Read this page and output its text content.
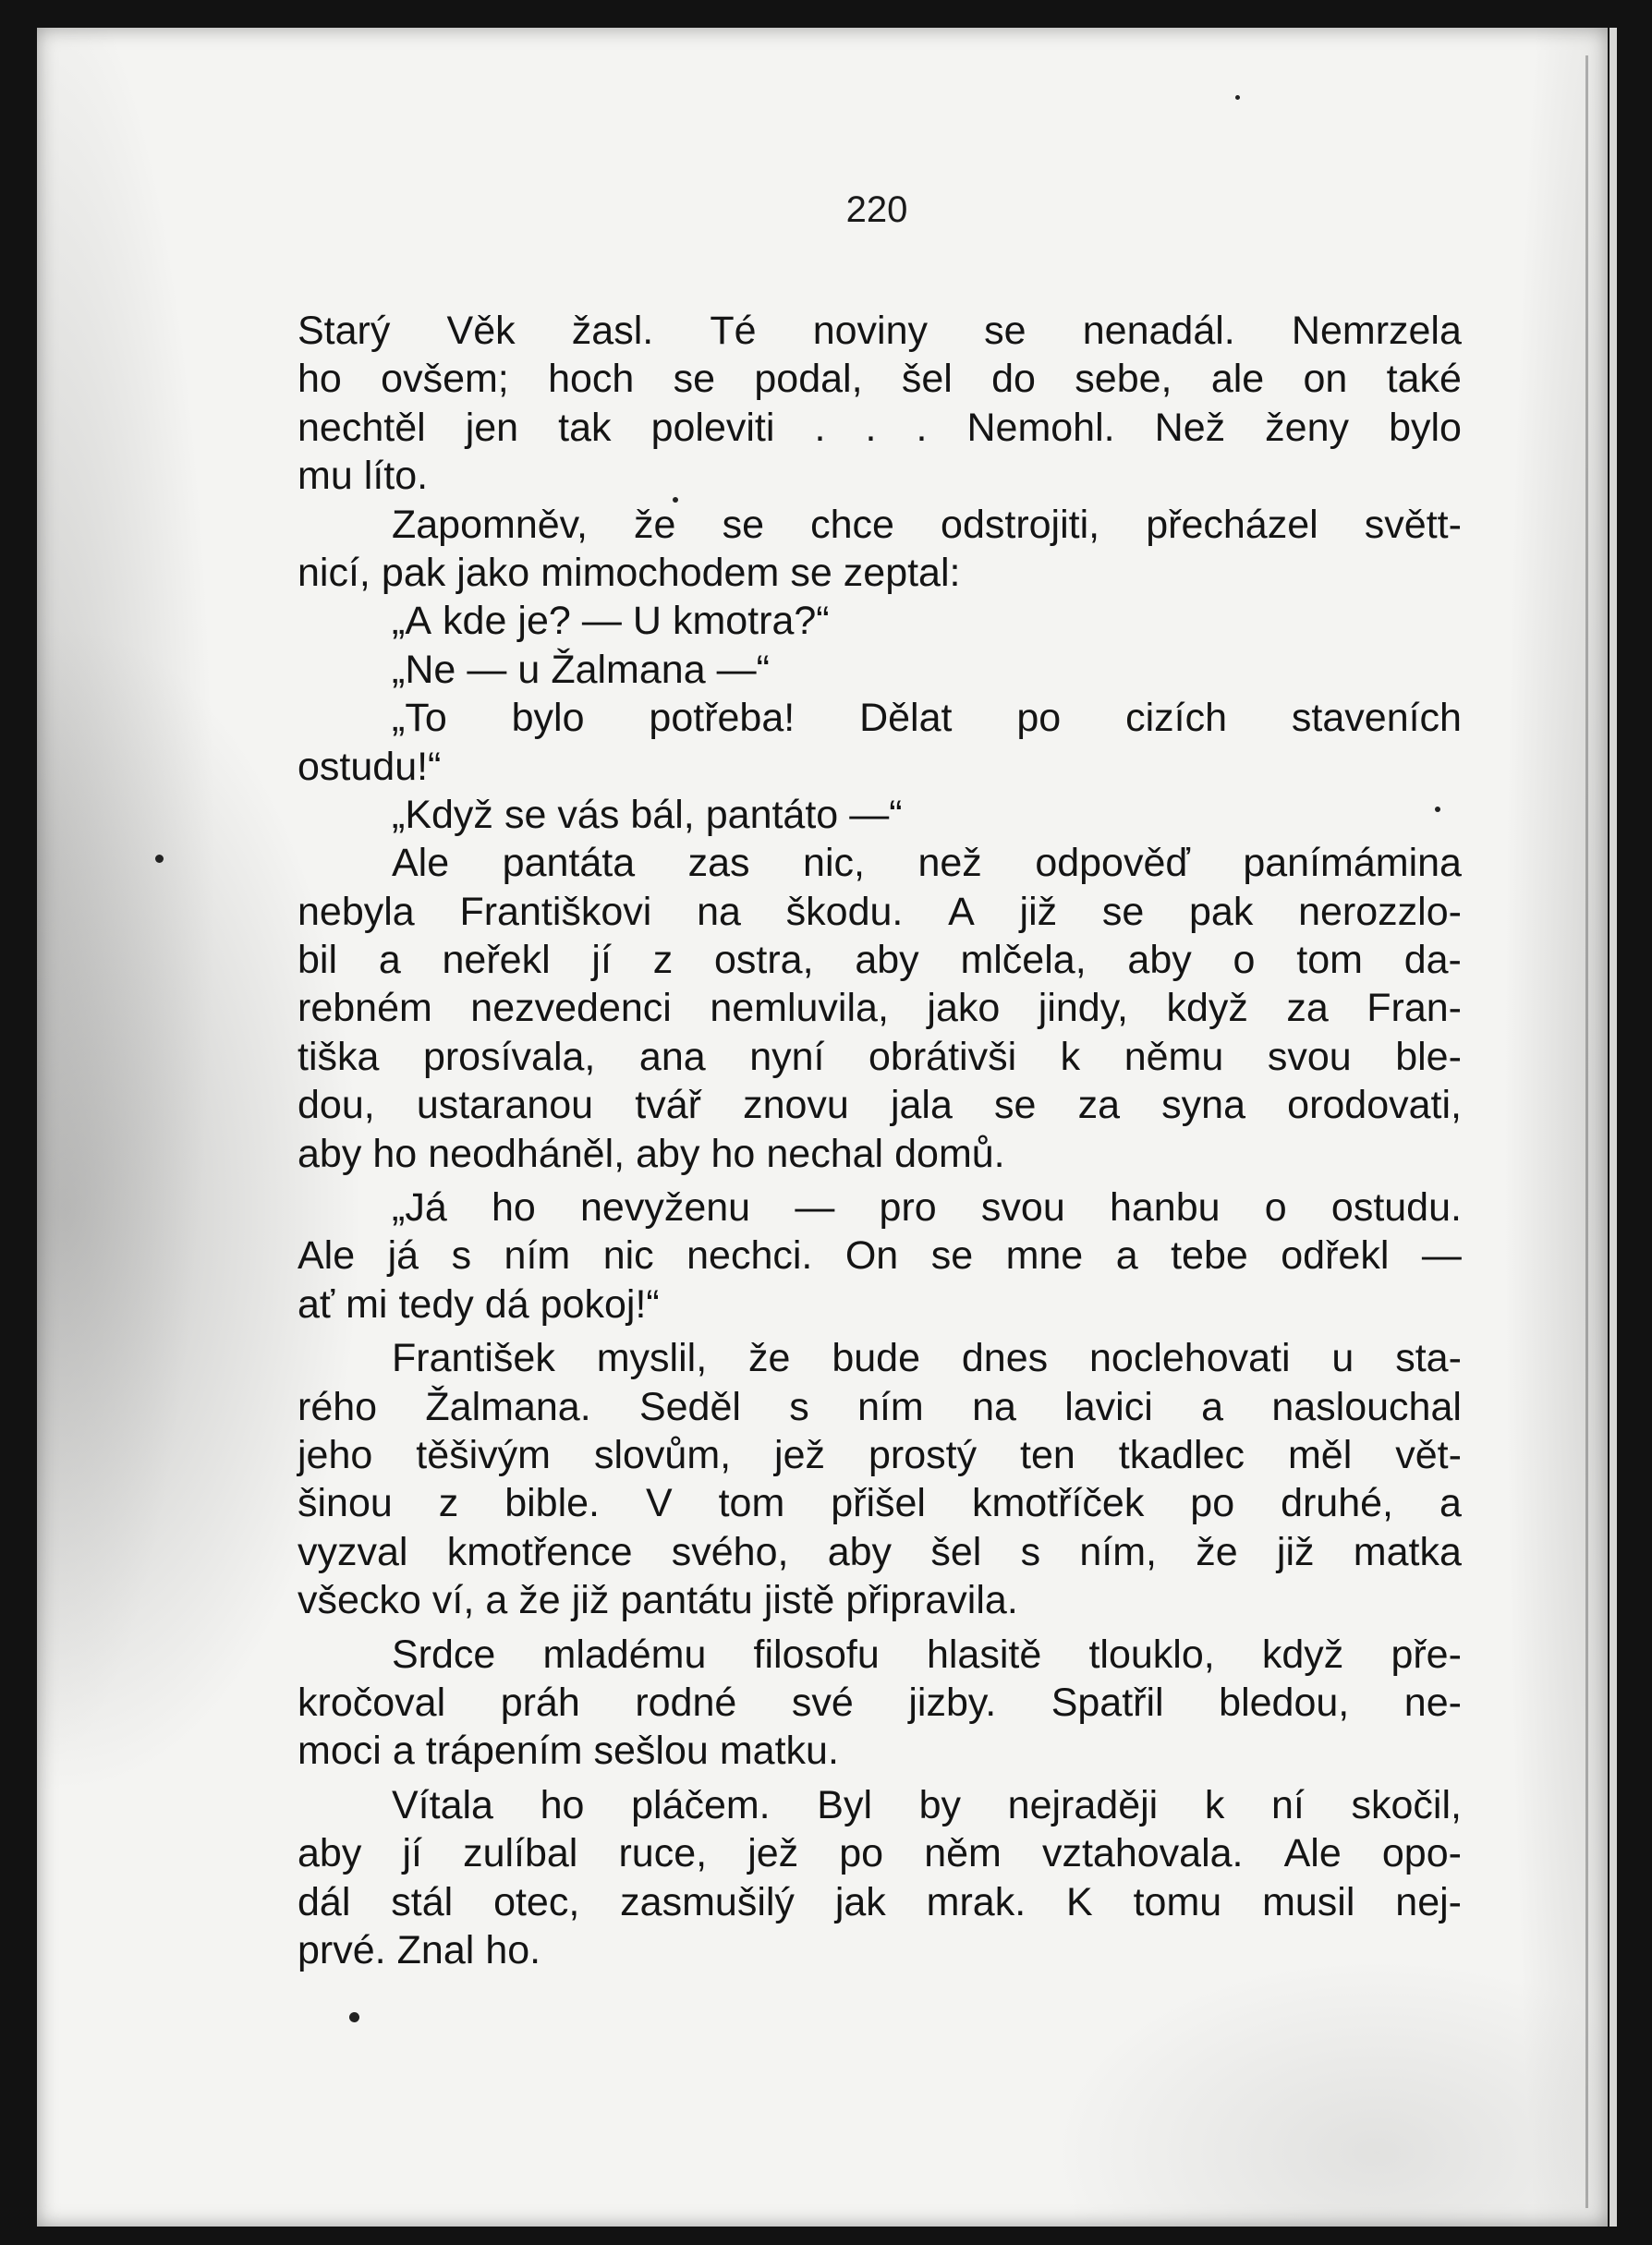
220
Starý Věk žasl. Té noviny se nenadál. Nemrzela
ho ovšem; hoch se podal, šel do sebe, ale on také
nechtěl jen tak poleviti . . . Nemohl. Než ženy bylo
mu líto.
Zapomněv, že se chce odstrojiti, přecházel světt-
nicí, pak jako mimochodem se zeptal:
„A kde je? — U kmotra?“
„Ne — u Žalmana —“
„To bylo potřeba! Dělat po cizích staveních
ostudu!“
„Když se vás bál, pantáto —“
Ale pantáta zas nic, než odpověď panímámina
nebyla Františkovi na škodu. A již se pak nerozzlo-
bil a neřekl jí z ostra, aby mlčela, aby o tom da-
rebném nezvedenci nemluvila, jako jindy, když za Fran-
tiška prosívala, ana nyní obrátivši k němu svou ble-
dou, ustaranou tvář znovu jala se za syna orodovati,
aby ho neodháněl, aby ho nechal domů.
„Já ho nevyženu — pro svou hanbu o ostudu.
Ale já s ním nic nechci. On se mne a tebe odřekl —
ať mi tedy dá pokoj!“
František myslil, že bude dnes noclehovati u sta-
rého Žalmana. Seděl s ním na lavici a naslouchal
jeho těšivým slovům, jež prostý ten tkadlec měl vět-
šinou z bible. V tom přišel kmotříček po druhé, a
vyzval kmotřence svého, aby šel s ním, že již matka
všecko ví, a že již pantátu jistě připravila.
Srdce mladému filosofu hlasitě tlouklo, když pře-
kročoval práh rodné své jizby. Spatřil bledou, ne-
moci a trápením sešlou matku.
Vítala ho pláčem. Byl by nejraději k ní skočil,
aby jí zulíbal ruce, jež po něm vztahovala. Ale opo-
dál stál otec, zasmušilý jak mrak. K tomu musil nej-
prvé. Znal ho.
